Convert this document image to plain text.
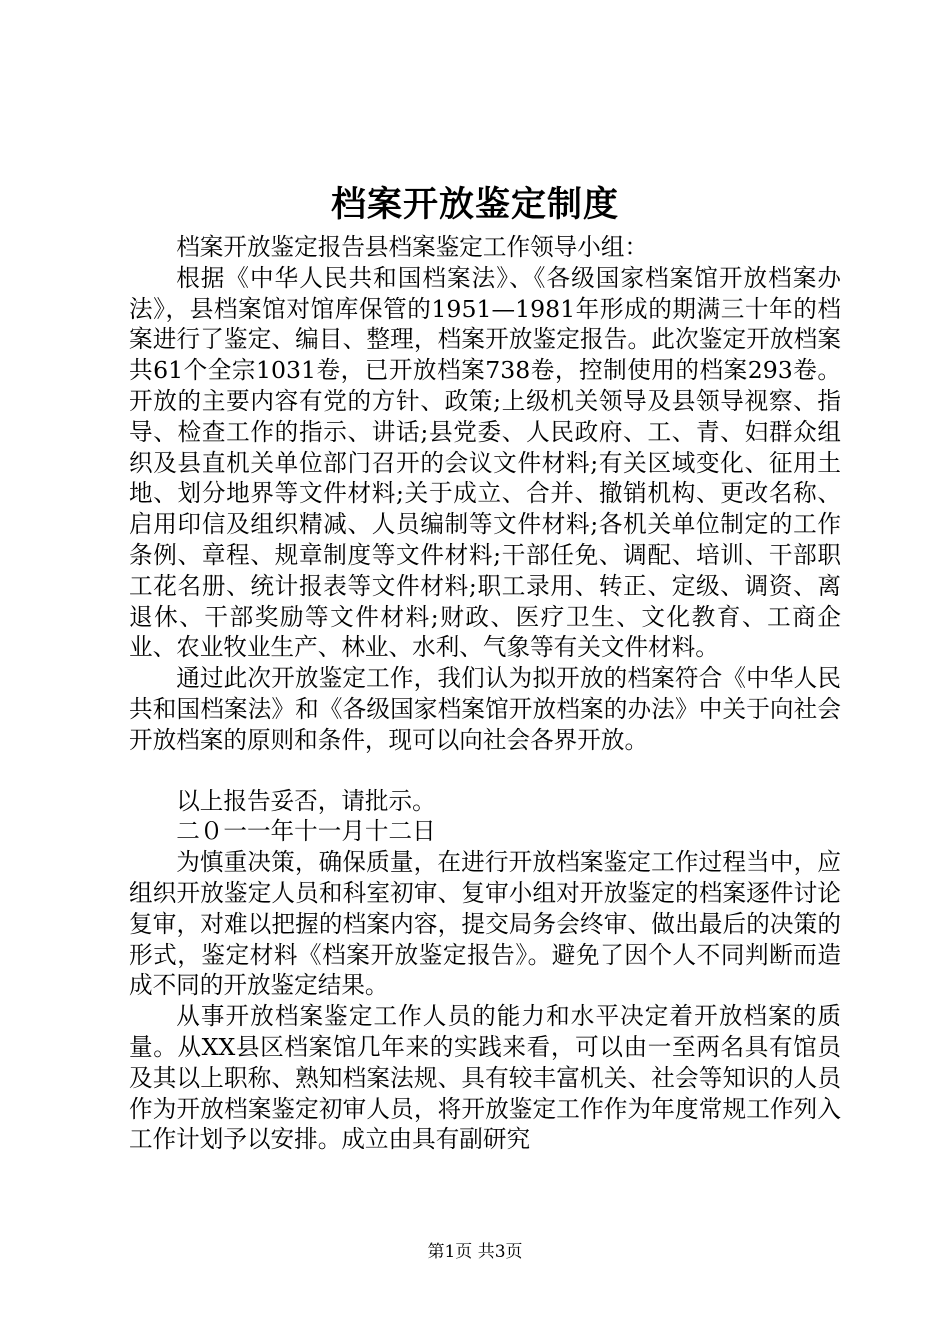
档案开放鉴定制度

档案开放鉴定报告县档案鉴定工作领导小组：

根据《中华人民共和国档案法》、《各级国家档案馆开放档案办法》，县档案馆对馆库保管的1951—1981年形成的期满三十年的档案进行了鉴定、编目、整理，档案开放鉴定报告。此次鉴定开放档案共61个全宗1031卷，已开放档案738卷，控制使用的档案293卷。开放的主要内容有党的方针、政策;上级机关领导及县领导视察、指导、检查工作的指示、讲话;县党委、人民政府、工、青、妇群众组织及县直机关单位部门召开的会议文件材料;有关区域变化、征用土地、划分地界等文件材料;关于成立、合并、撤销机构、更改名称、启用印信及组织精减、人员编制等文件材料;各机关单位制定的工作条例、章程、规章制度等文件材料;干部任免、调配、培训、干部职工花名册、统计报表等文件材料;职工录用、转正、定级、调资、离退休、干部奖励等文件材料;财政、医疗卫生、文化教育、工商企业、农业牧业生产、林业、水利、气象等有关文件材料。

通过此次开放鉴定工作，我们认为拟开放的档案符合《中华人民共和国档案法》和《各级国家档案馆开放档案的办法》中关于向社会开放档案的原则和条件，现可以向社会各界开放。

以上报告妥否，请批示。

二０一一年十一月十二日

为慎重决策，确保质量，在进行开放档案鉴定工作过程当中，应组织开放鉴定人员和科室初审、复审小组对开放鉴定的档案逐件讨论复审，对难以把握的档案内容，提交局务会终审、做出最后的决策的形式，鉴定材料《档案开放鉴定报告》。避免了因个人不同判断而造成不同的开放鉴定结果。

从事开放档案鉴定工作人员的能力和水平决定着开放档案的质量。从XX县区档案馆几年来的实践来看，可以由一至两名具有馆员及其以上职称、熟知档案法规、具有较丰富机关、社会等知识的人员作为开放档案鉴定初审人员，将开放鉴定工作作为年度常规工作列入工作计划予以安排。成立由具有副研究

第1页 共3页
